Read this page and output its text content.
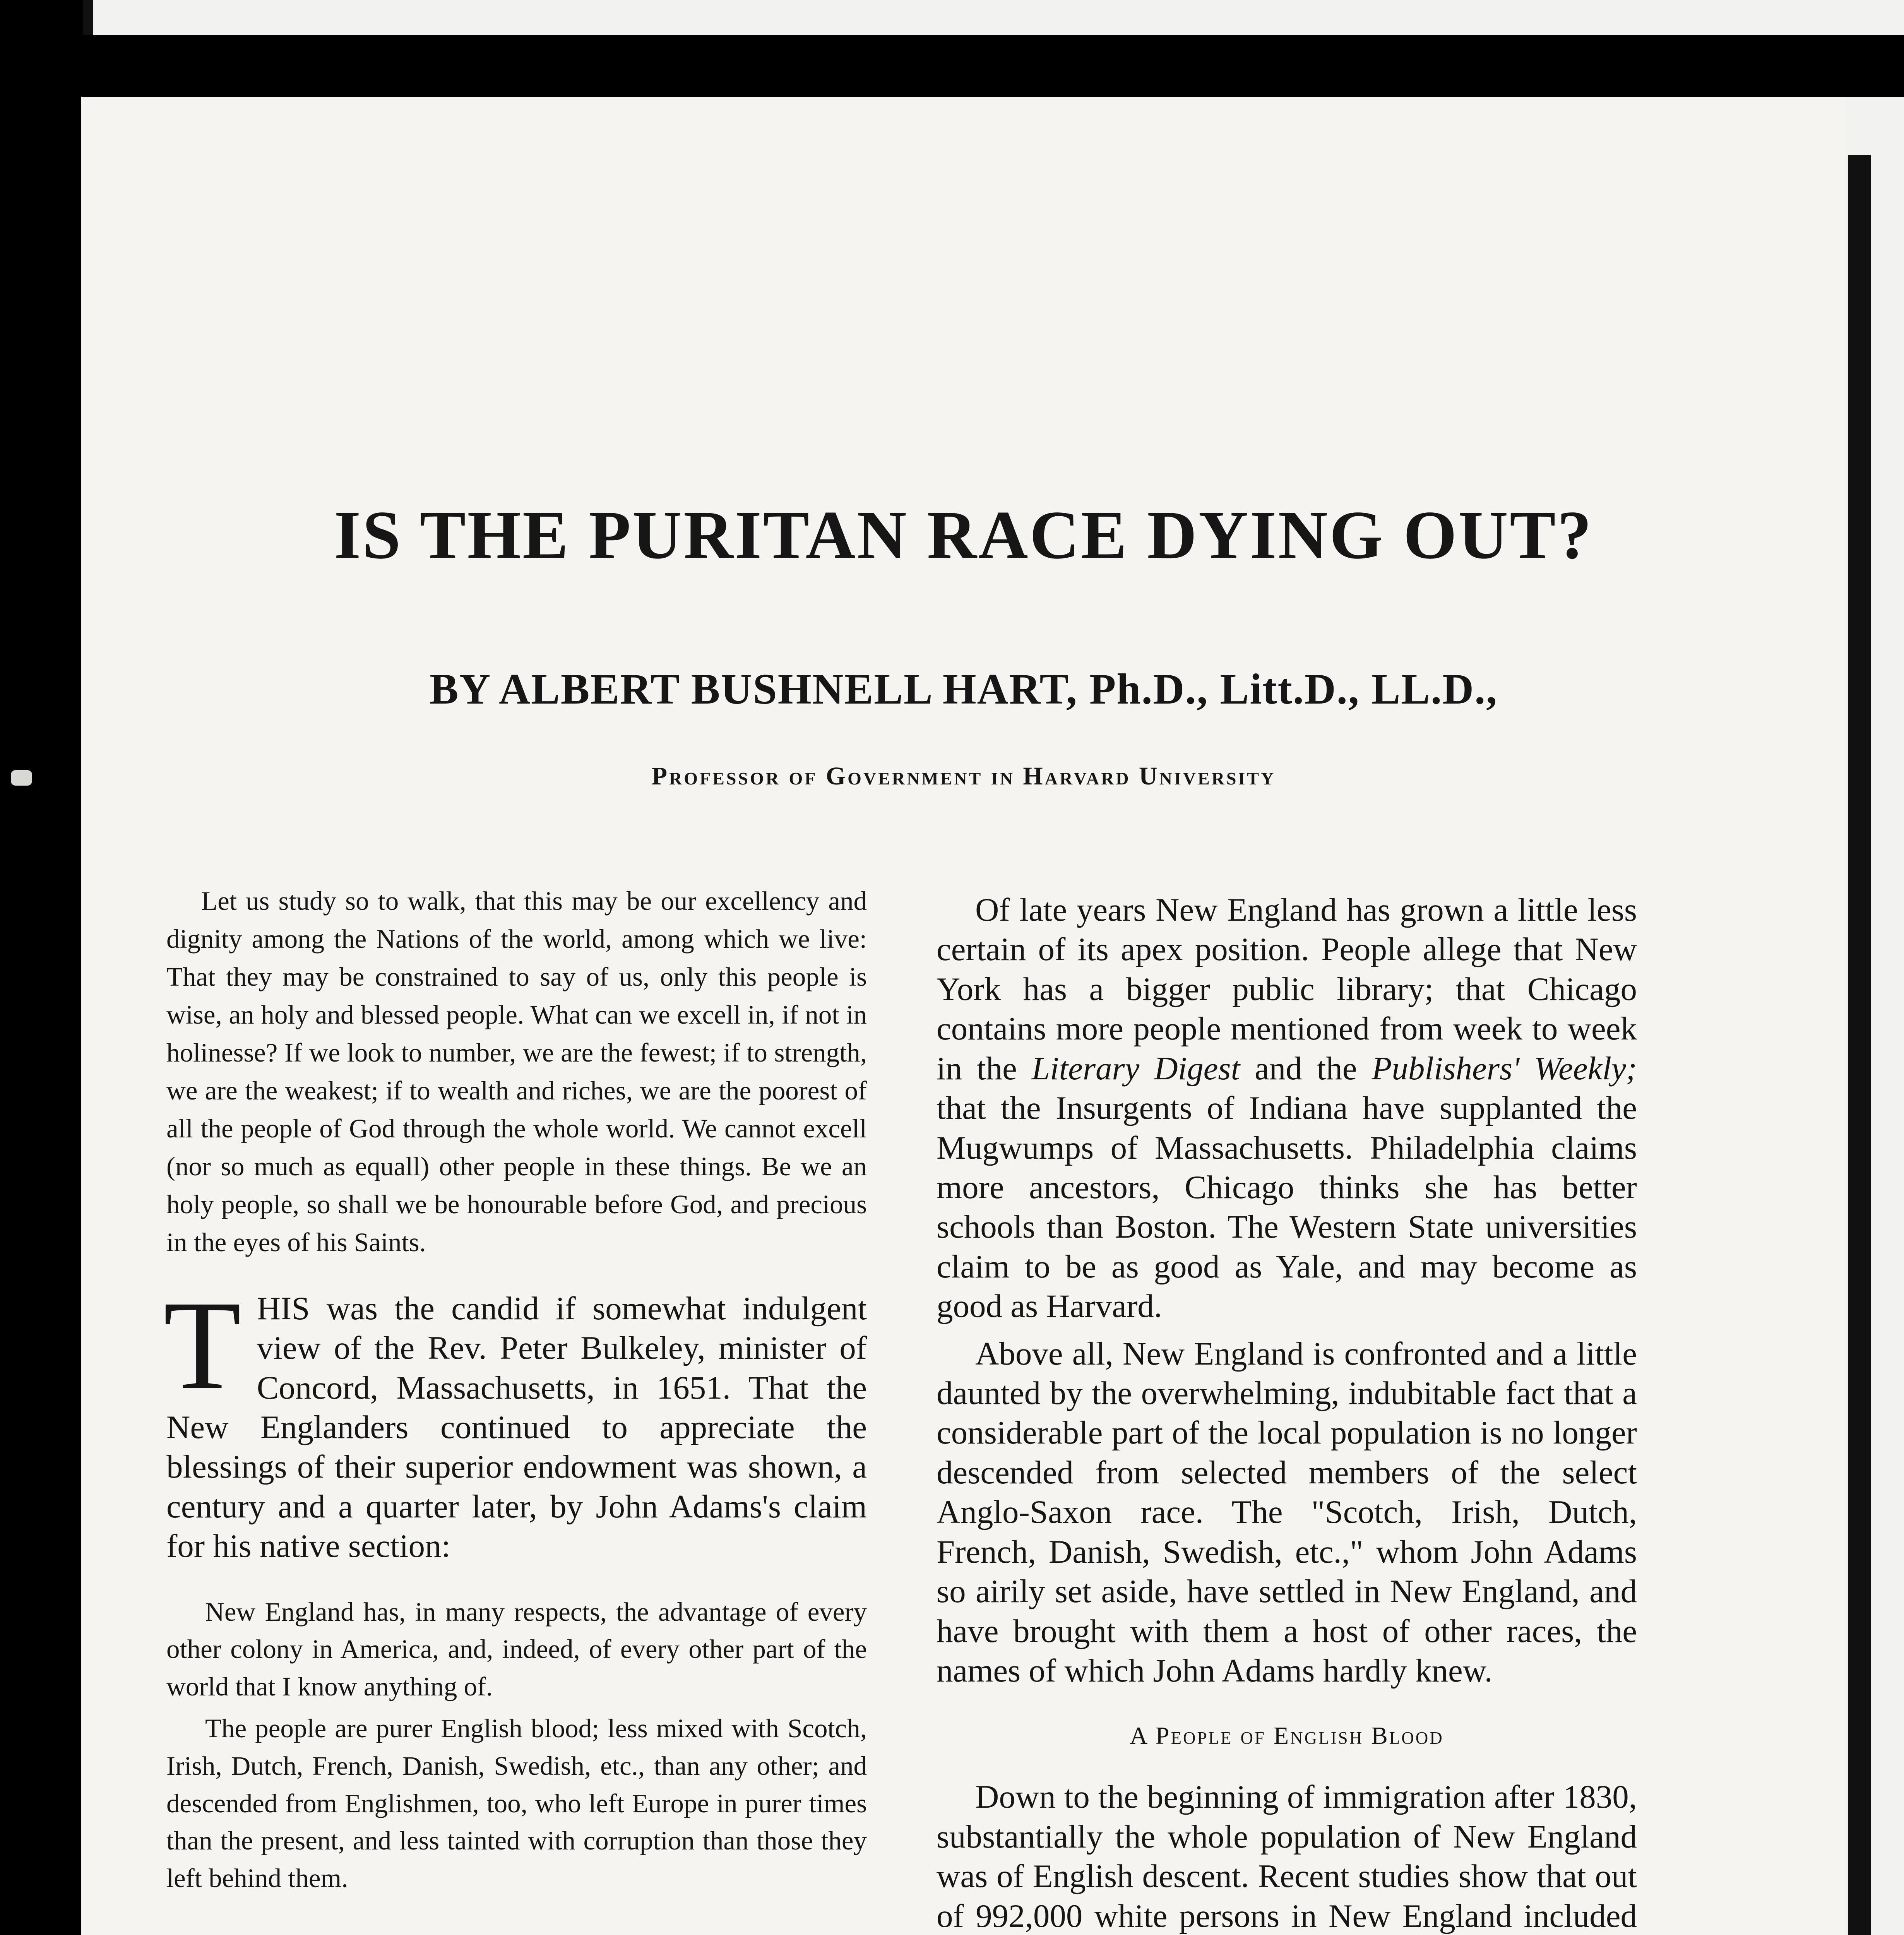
IS THE PURITAN RACE DYING OUT?
BY ALBERT BUSHNELL HART, Ph.D., Litt.D., LL.D.,
Professor of Government in Harvard University

Let us study so to walk, that this may be our excellency and dignity among the Nations of the world, among which we live: That they may be constrained to say of us, only this people is wise, an holy and blessed people. What can we excell in, if not in holinesse? If we look to number, we are the fewest; if to strength, we are the weakest; if to wealth and riches, we are the poorest of all the people of God through the whole world. We cannot excell (nor so much as equall) other people in these things. Be we an holy people, so shall we be honourable before God, and precious in the eyes of his Saints.

THIS was the candid if somewhat indulgent view of the Rev. Peter Bulkeley, minister of Concord, Massachusetts, in 1651. That the New Englanders continued to appreciate the blessings of their superior endowment was shown, a century and a quarter later, by John Adams's claim for his native section:

New England has, in many respects, the advantage of every other colony in America, and, indeed, of every other part of the world that I know anything of.

The people are purer English blood; less mixed with Scotch, Irish, Dutch, French, Danish, Swedish, etc., than any other; and descended from Englishmen, too, who left Europe in purer times than the present, and less tainted with corruption than those they left behind them.

Of late years New England has grown a little less certain of its apex position. People allege that New York has a bigger public library; that Chicago contains more people mentioned from week to week in the Literary Digest and the Publishers' Weekly; that the Insurgents of Indiana have supplanted the Mugwumps of Massachusetts. Philadelphia claims more ancestors, Chicago thinks she has better schools than Boston. The Western State universities claim to be as good as Yale, and may become as good as Harvard.

Above all, New England is confronted and a little daunted by the overwhelming, indubitable fact that a considerable part of the local population is no longer descended from selected members of the select Anglo-Saxon race. The "Scotch, Irish, Dutch, French, Danish, Swedish, etc.," whom John Adams so airily set aside, have settled in New England, and have brought with them a host of other races, the names of which John Adams hardly knew.

A People of English Blood

Down to the beginning of immigration after 1830, substantially the whole population of New England was of English descent. Recent studies show that out of 992,000 white persons in New England included
